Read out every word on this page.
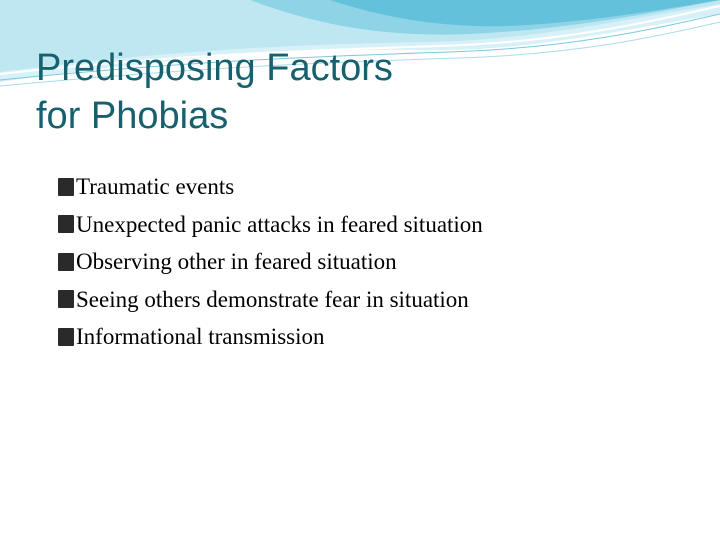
Predisposing Factors
for Phobias
Traumatic events
Unexpected panic attacks in feared situation
Observing other in feared situation
Seeing others demonstrate fear in situation
Informational transmission
